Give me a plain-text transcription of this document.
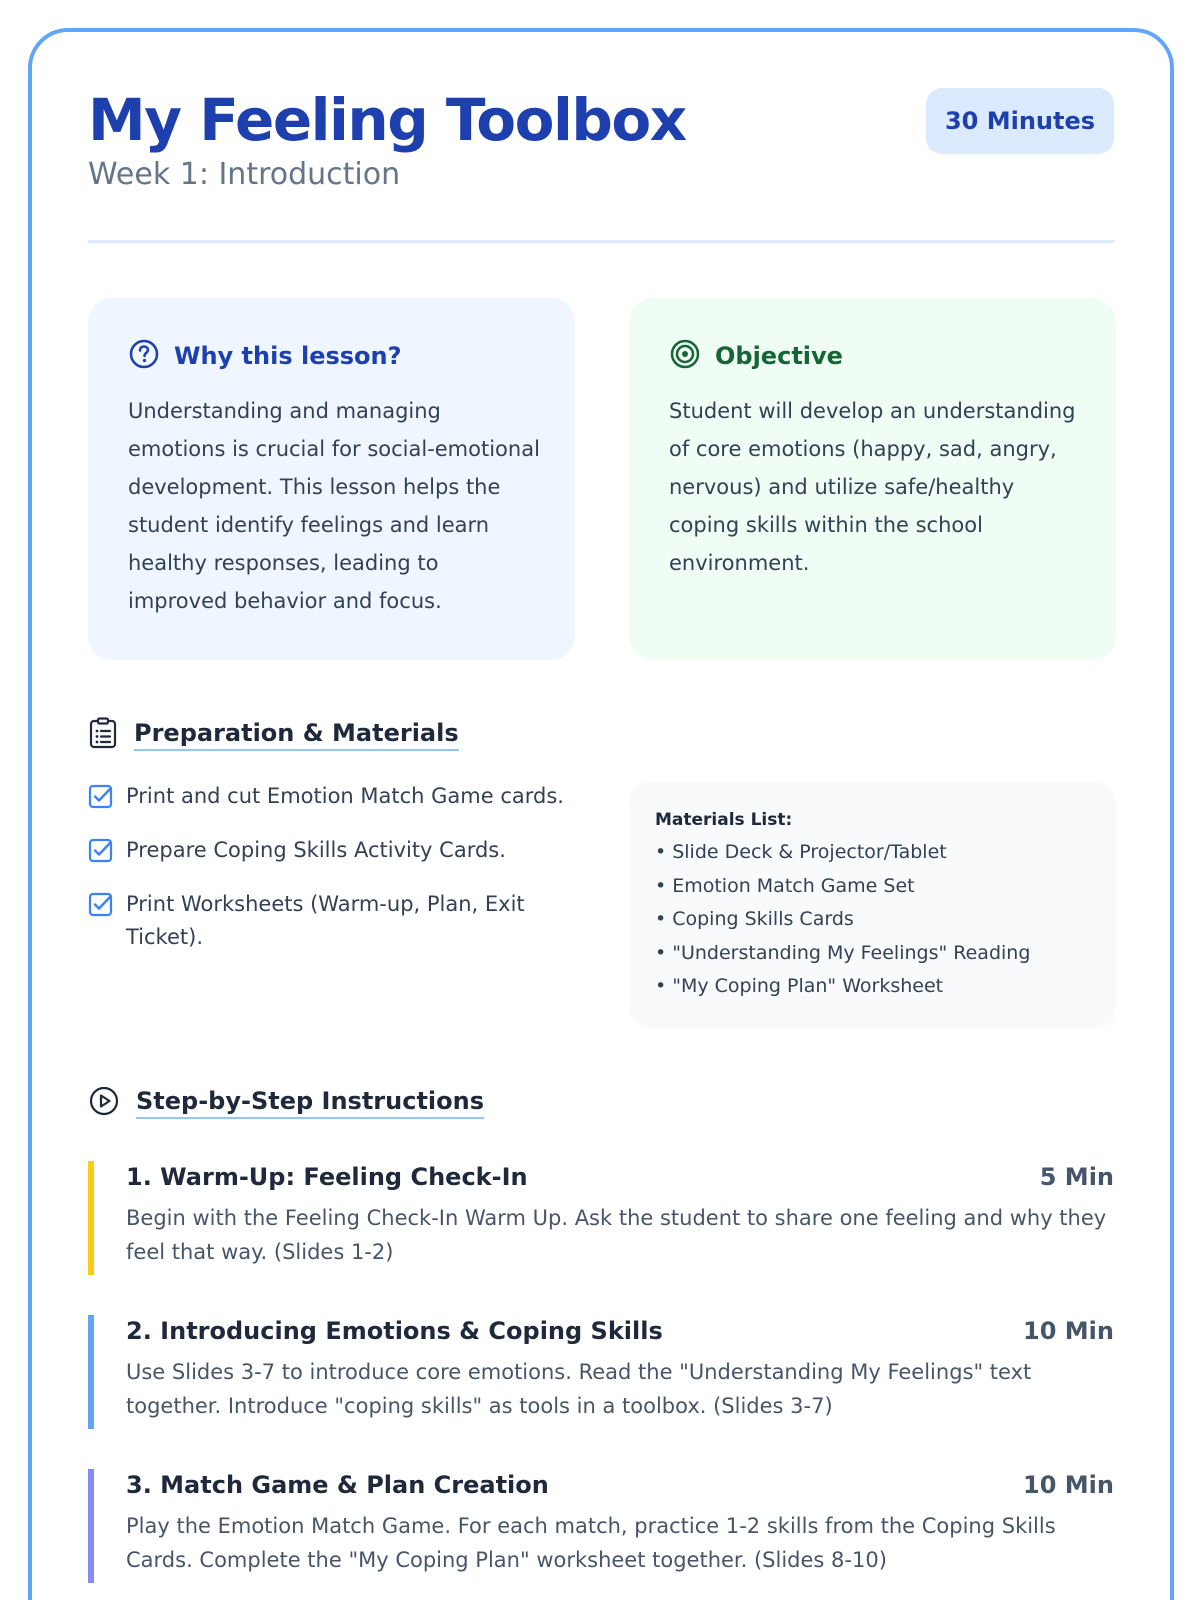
My Feeling Toolbox
Week 1: Introduction
30 Minutes
Why this lesson?

Understanding and managing emotions is crucial for social-emotional development. This lesson helps the student identify feelings and learn healthy responses, leading to improved behavior and focus.

Objective

Student will develop an understanding of core emotions (happy, sad, angry, nervous) and utilize safe/healthy coping skills within the school environment.

Preparation & Materials
Print and cut Emotion Match Game cards.
Prepare Coping Skills Activity Cards.
Print Worksheets (Warm-up, Plan, Exit Ticket).
Materials List:
• Slide Deck & Projector/Tablet
• Emotion Match Game Set
• Coping Skills Cards
• "Understanding My Feelings" Reading
• "My Coping Plan" Worksheet
Step-by-Step Instructions
1. Warm-Up: Feeling Check-In	5 Min

Begin with the Feeling Check-In Warm Up. Ask the student to share one feeling and why they feel that way. (Slides 1-2)

2. Introducing Emotions & Coping Skills	10 Min

Use Slides 3-7 to introduce core emotions. Read the "Understanding My Feelings" text together. Introduce "coping skills" as tools in a toolbox. (Slides 3-7)

3. Match Game & Plan Creation	10 Min

Play the Emotion Match Game. For each match, practice 1-2 skills from the Coping Skills Cards. Complete the "My Coping Plan" worksheet together. (Slides 8-10)
